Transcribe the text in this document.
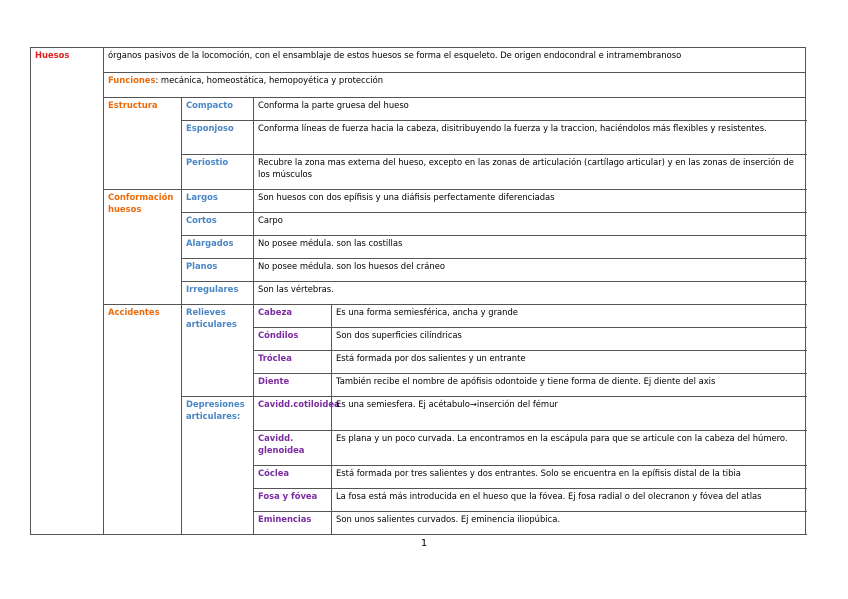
Huesos	órganos pasivos de la locomoción, con el ensamblaje de estos huesos se forma el esqueleto. De origen endocondral e intramembranoso			
	Funciones: mecánica, homeostática, hemopoyética y protección			
	Estructura	Compacto	Conforma la parte gruesa del hueso	
		Esponjoso	Conforma líneas de fuerza hacia la cabeza, disitribuyendo la fuerza y la traccion, haciéndolos más flexibles y resistentes.	
		Periostio	Recubre la zona mas externa del hueso, excepto en las zonas de articulación (cartílago articular) y en las zonas de inserción de los músculos	
	Conformación huesos	Largos	Son huesos con dos epífisis y una diáfisis perfectamente diferenciadas	
		Cortos	Carpo	
		Alargados	No posee médula. son las costillas	
		Planos	No posee médula. son los huesos del cráneo	
		Irregulares	Son las vértebras.	
	Accidentes	Relieves articulares	Cabeza	Es una forma semiesférica, ancha y grande
			Cóndilos	Son dos superficies cilíndricas
			Tróclea	Está formada por dos salientes y un entrante
			Diente	También recibe el nombre de apófisis odontoide y tiene forma de diente. Ej diente del axis
		Depresiones articulares:	Cavidd.cotiloidea	Es una semiesfera. Ej acétabulo→inserción del fémur
			Cavidd. glenoidea	Es plana y un poco curvada. La encontramos en la escápula para que se articule con la cabeza del húmero.
			Cóclea	Está formada por tres salientes y dos entrantes. Solo se encuentra en la epífisis distal de la tibia
			Fosa y fóvea	La fosa está más introducida en el hueso que la fóvea. Ej fosa radial o del olecranon y fóvea del atlas
			Eminencias	Son unos salientes curvados. Ej eminencia iliopúbica.
1
